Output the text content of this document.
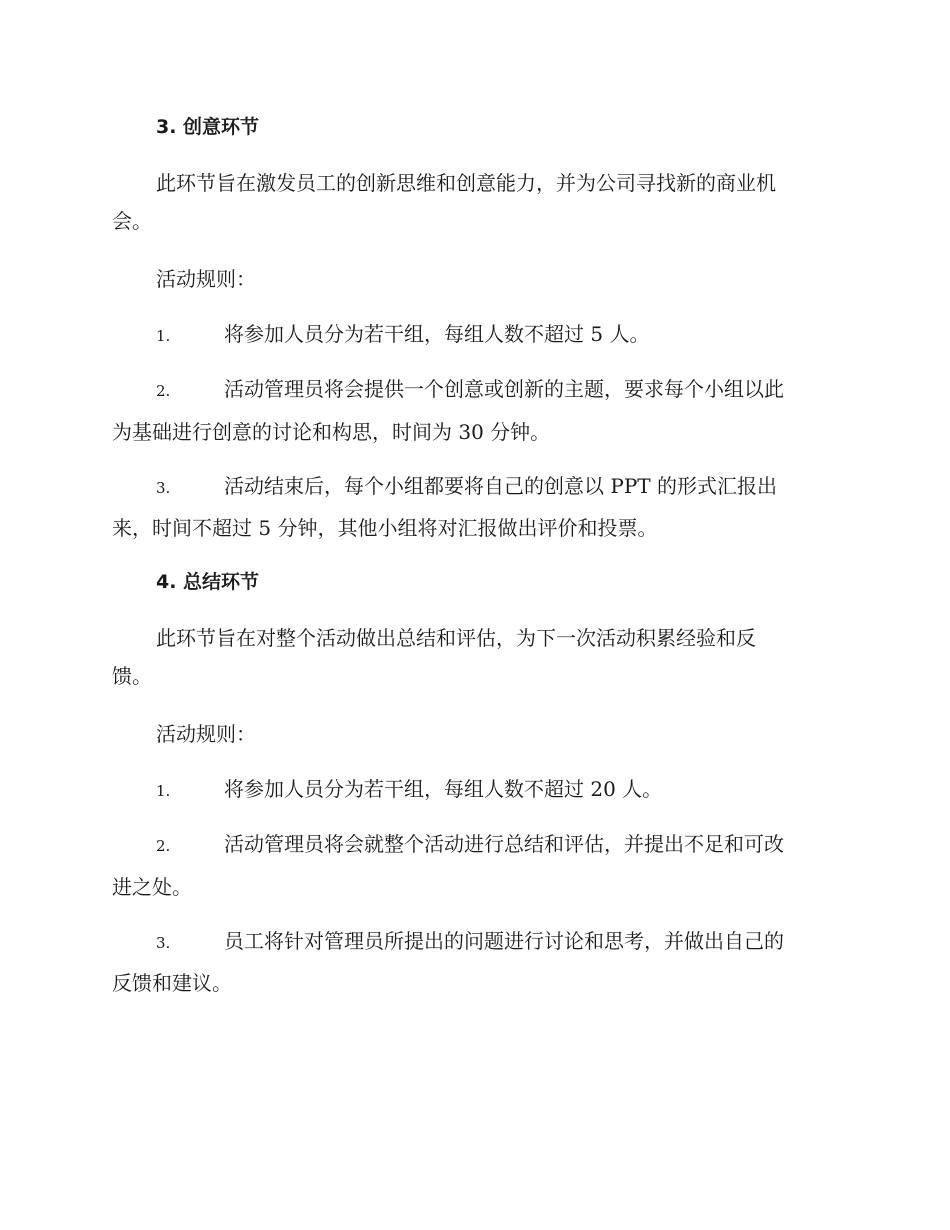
3. 创意环节
此环节旨在激发员工的创新思维和创意能力，并为公司寻找新的商业机
会。
活动规则：
1.	将参加人员分为若干组，每组人数不超过 5 人。
2.	活动管理员将会提供一个创意或创新的主题，要求每个小组以此
为基础进行创意的讨论和构思，时间为 30 分钟。
3.	活动结束后，每个小组都要将自己的创意以 PPT 的形式汇报出
来，时间不超过 5 分钟，其他小组将对汇报做出评价和投票。
4. 总结环节
此环节旨在对整个活动做出总结和评估，为下一次活动积累经验和反
馈。
活动规则：
1.	将参加人员分为若干组，每组人数不超过 20 人。
2.	活动管理员将会就整个活动进行总结和评估，并提出不足和可改
进之处。
3.	员工将针对管理员所提出的问题进行讨论和思考，并做出自己的
反馈和建议。
